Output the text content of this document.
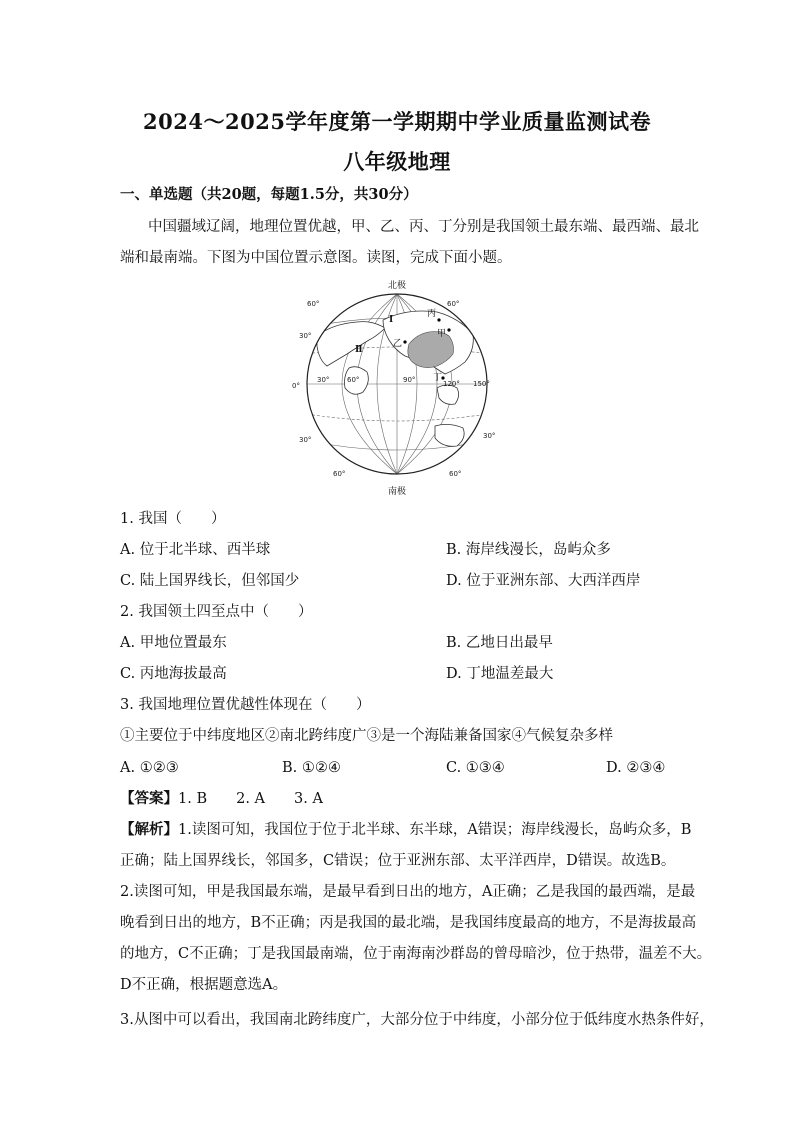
2024〜2025学年度第一学期期中学业质量监测试卷
八年级地理
一、单选题（共20题，每题1.5分，共30分）
中国疆域辽阔，地理位置优越，甲、乙、丙、丁分别是我国领土最东端、最西端、最北
端和最南端。下图为中国位置示意图。读图，完成下面小题。
北极
南极
60°	60°
30°
0°
30°	30°
60°	60°
30°	60°	90°	120° 150°
Ⅰ
Ⅱ
丙
甲
乙
丁
1. 我国（　　）
A. 位于北半球、西半球	B. 海岸线漫长，岛屿众多
C. 陆上国界线长，但邻国少	D. 位于亚洲东部、大西洋西岸
2. 我国领土四至点中（　　）
A. 甲地位置最东	B. 乙地日出最早
C. 丙地海拔最高	D. 丁地温差最大
3. 我国地理位置优越性体现在（　　）
①主要位于中纬度地区②南北跨纬度广③是一个海陆兼备国家④气候复杂多样
A. ①②③	B. ①②④	C. ①③④	D. ②③④
【答案】1. B　　2. A　　3. A
【解析】1.读图可知，我国位于位于北半球、东半球，A错误；海岸线漫长，岛屿众多，B
正确；陆上国界线长，邻国多，C错误；位于亚洲东部、太平洋西岸，D错误。故选B。
2.读图可知，甲是我国最东端，是最早看到日出的地方，A正确；乙是我国的最西端，是最
晚看到日出的地方，B不正确；丙是我国的最北端，是我国纬度最高的地方，不是海拔最高
的地方，C不正确；丁是我国最南端，位于南海南沙群岛的曾母暗沙，位于热带，温差不大。
D不正确，根据题意选A。
3.从图中可以看出，我国南北跨纬度广，大部分位于中纬度，小部分位于低纬度水热条件好，
